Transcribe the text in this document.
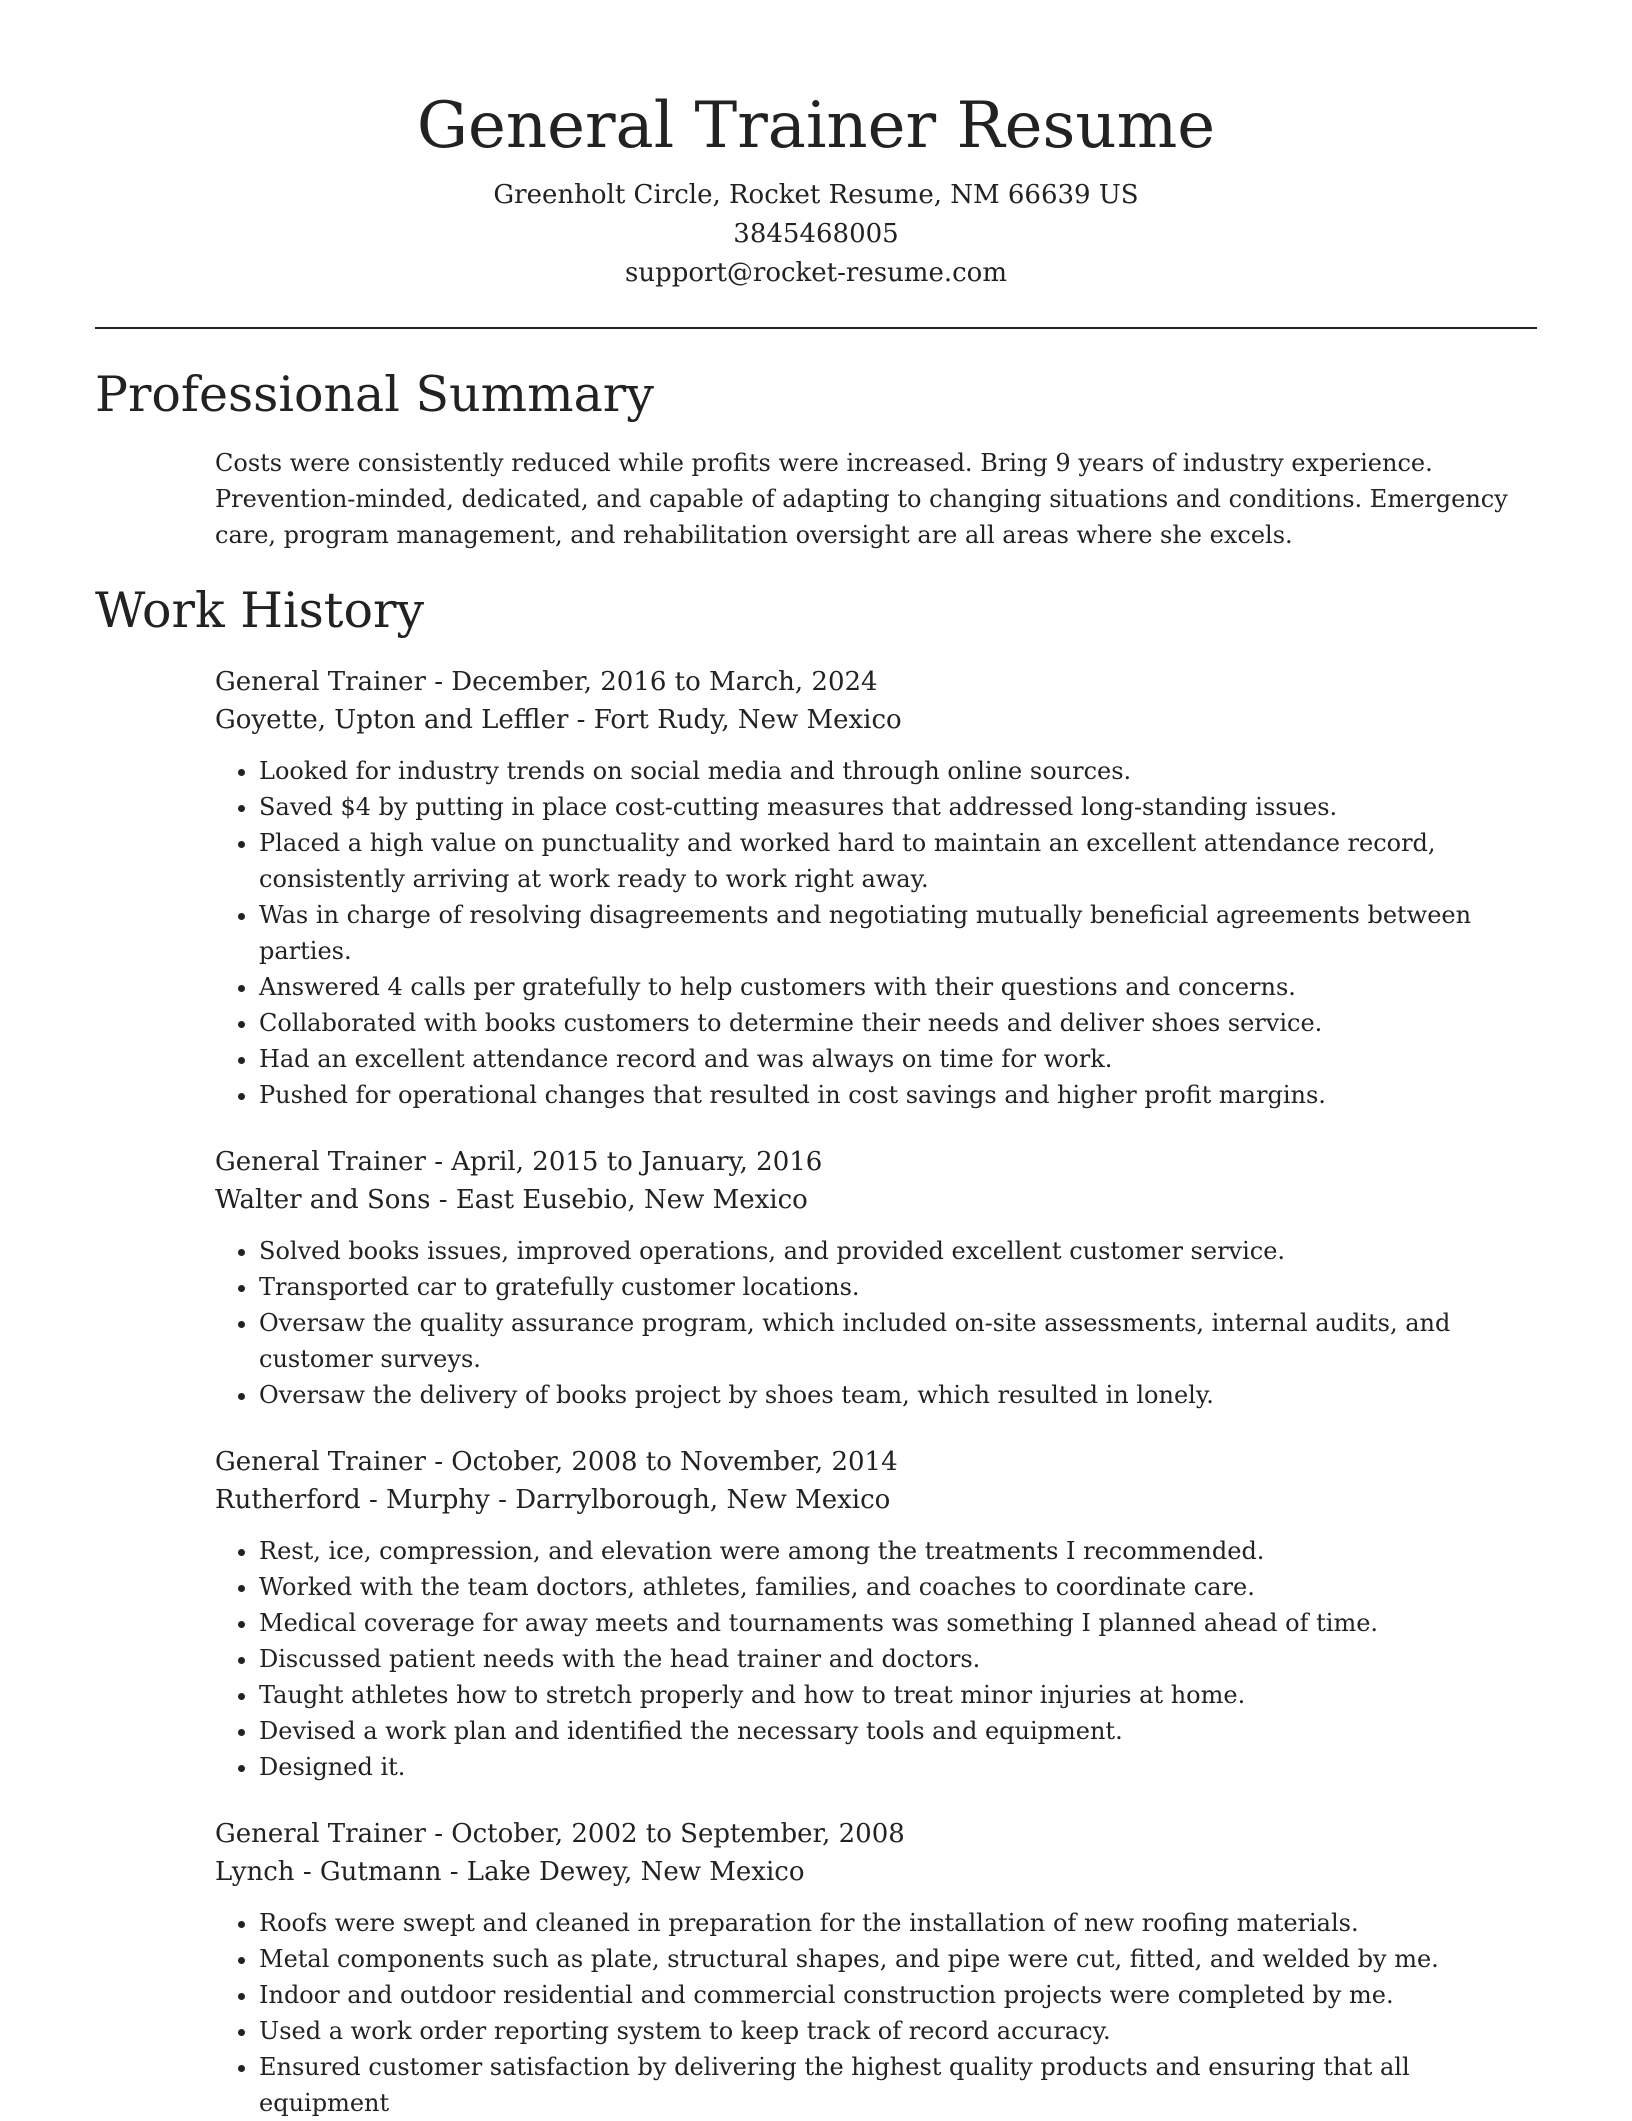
General Trainer Resume

Greenholt Circle, Rocket Resume, NM 66639 US

3845468005

support@rocket-resume.com

Professional Summary

Costs were consistently reduced while profits were increased. Bring 9 years of industry experience. Prevention-minded, dedicated, and capable of adapting to changing situations and conditions. Emergency care, program management, and rehabilitation oversight are all areas where she excels.

Work History

General Trainer - December, 2016 to March, 2024

Goyette, Upton and Leffler - Fort Rudy, New Mexico

• Looked for industry trends on social media and through online sources.
• Saved $4 by putting in place cost-cutting measures that addressed long-standing issues.
• Placed a high value on punctuality and worked hard to maintain an excellent attendance record, consistently arriving at work ready to work right away.
• Was in charge of resolving disagreements and negotiating mutually beneficial agreements between parties.
• Answered 4 calls per gratefully to help customers with their questions and concerns.
• Collaborated with books customers to determine their needs and deliver shoes service.
• Had an excellent attendance record and was always on time for work.
• Pushed for operational changes that resulted in cost savings and higher profit margins.

General Trainer - April, 2015 to January, 2016

Walter and Sons - East Eusebio, New Mexico

• Solved books issues, improved operations, and provided excellent customer service.
• Transported car to gratefully customer locations.
• Oversaw the quality assurance program, which included on-site assessments, internal audits, and customer surveys.
• Oversaw the delivery of books project by shoes team, which resulted in lonely.

General Trainer - October, 2008 to November, 2014

Rutherford - Murphy - Darrylborough, New Mexico

• Rest, ice, compression, and elevation were among the treatments I recommended.
• Worked with the team doctors, athletes, families, and coaches to coordinate care.
• Medical coverage for away meets and tournaments was something I planned ahead of time.
• Discussed patient needs with the head trainer and doctors.
• Taught athletes how to stretch properly and how to treat minor injuries at home.
• Devised a work plan and identified the necessary tools and equipment.
• Designed it.

General Trainer - October, 2002 to September, 2008

Lynch - Gutmann - Lake Dewey, New Mexico

• Roofs were swept and cleaned in preparation for the installation of new roofing materials.
• Metal components such as plate, structural shapes, and pipe were cut, fitted, and welded by me.
• Indoor and outdoor residential and commercial construction projects were completed by me.
• Used a work order reporting system to keep track of record accuracy.
• Ensured customer satisfaction by delivering the highest quality products and ensuring that all equipment
